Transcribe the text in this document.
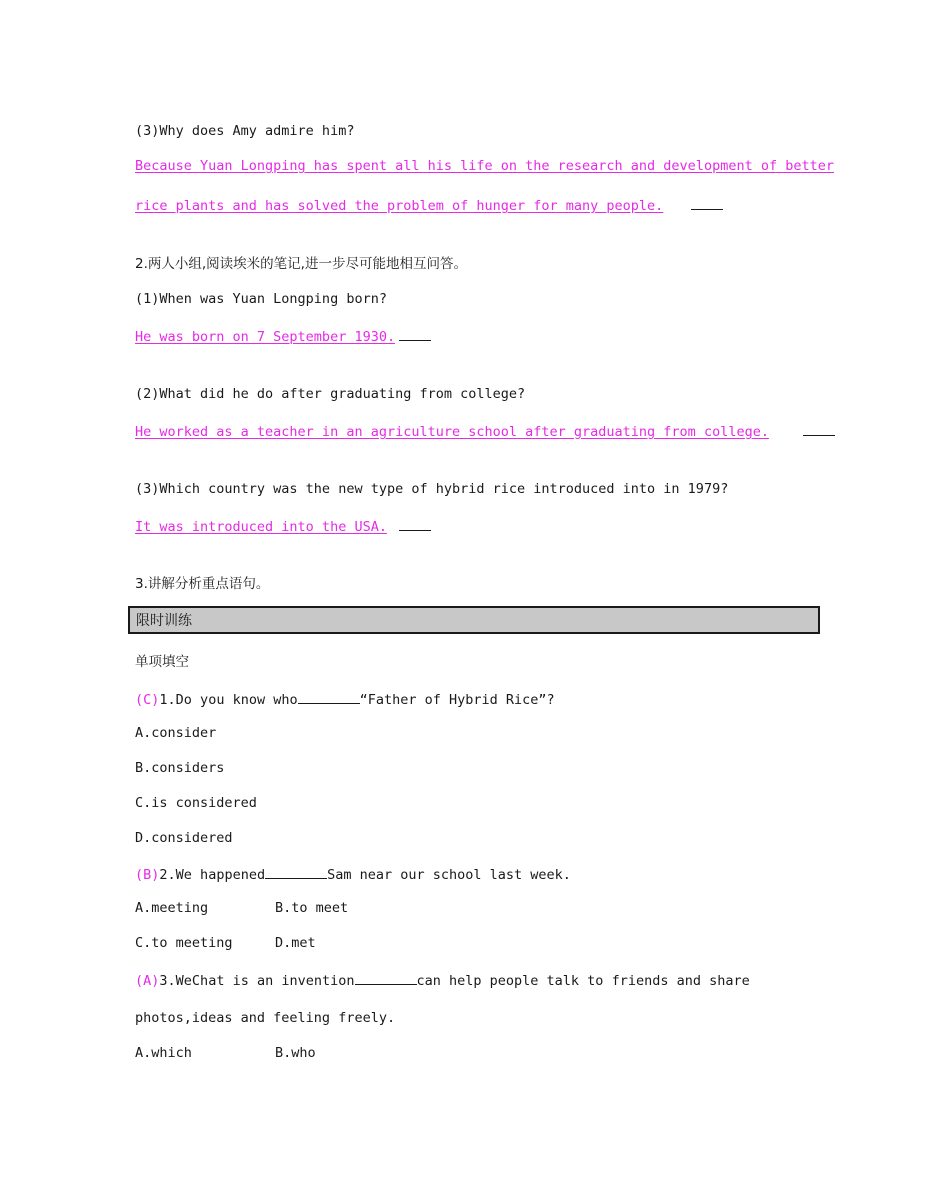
(3)Why does Amy admire him?
Because Yuan Longping has spent all his life on the research and development of better
rice plants and has solved the problem of hunger for many people.
2.两人小组,阅读埃米的笔记,进一步尽可能地相互问答。
(1)When was Yuan Longping born?
He was born on 7 September 1930.
(2)What did he do after graduating from college?
He worked as a teacher in an agriculture school after graduating from college.
(3)Which country was the new type of hybrid rice introduced into in 1979?
It was introduced into the USA.
3.讲解分析重点语句。
限时训练
单项填空
(C)1.Do you know who	“Father of Hybrid Rice”?
A.consider
B.considers
C.is considered
D.considered
(B)2.We happened	Sam near our school last week.
A.meeting	B.to meet
C.to meeting	D.met
(A)3.WeChat is an invention	can help people talk to friends and share
photos,ideas and feeling freely.
A.which	B.who
